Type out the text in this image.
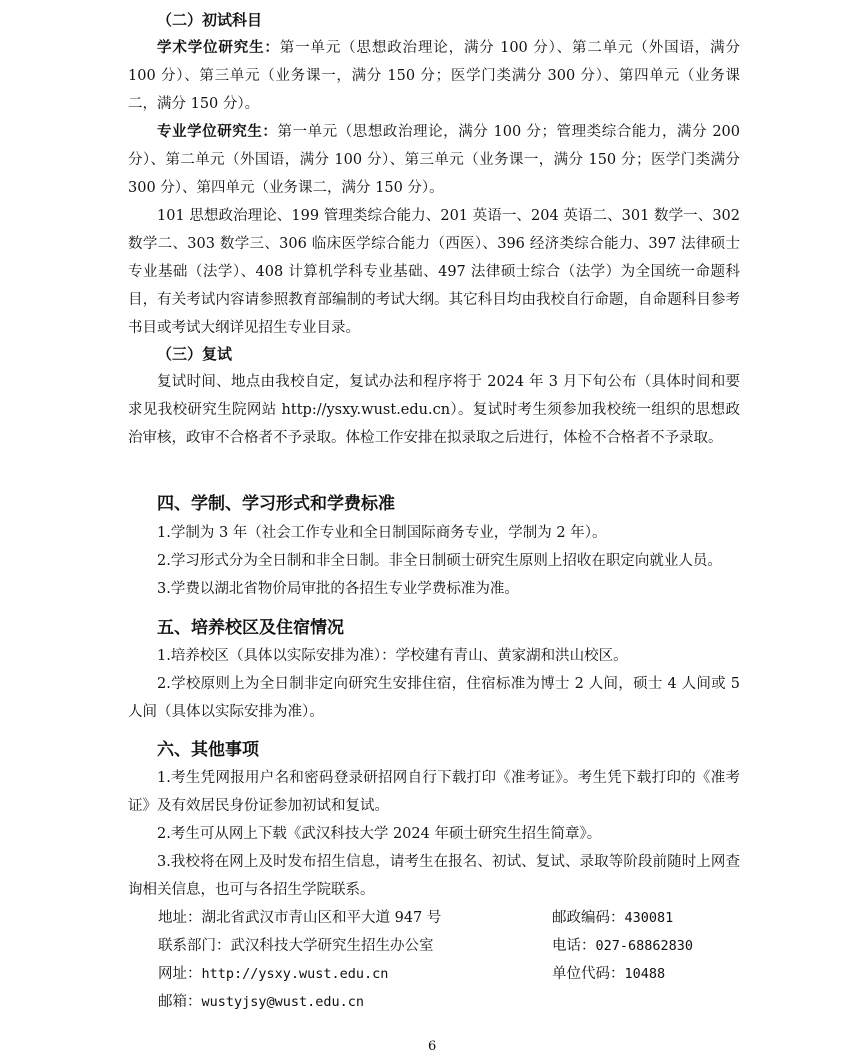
（二）初试科目

学术学位研究生：第一单元（思想政治理论，满分 100 分）、第二单元（外国语，满分 100 分）、第三单元（业务课一，满分 150 分；医学门类满分 300 分）、第四单元（业务课二，满分 150 分）。

专业学位研究生：第一单元（思想政治理论，满分 100 分；管理类综合能力，满分 200 分）、第二单元（外国语，满分 100 分）、第三单元（业务课一，满分 150 分；医学门类满分 300 分）、第四单元（业务课二，满分 150 分）。

101 思想政治理论、199 管理类综合能力、201 英语一、204 英语二、301 数学一、302 数学二、303 数学三、306 临床医学综合能力（西医）、396 经济类综合能力、397 法律硕士专业基础（法学）、408 计算机学科专业基础、497 法律硕士综合（法学）为全国统一命题科目，有关考试内容请参照教育部编制的考试大纲。其它科目均由我校自行命题，自命题科目参考书目或考试大纲详见招生专业目录。

（三）复试

复试时间、地点由我校自定，复试办法和程序将于 2024 年 3 月下旬公布（具体时间和要求见我校研究生院网站 http://ysxy.wust.edu.cn）。复试时考生须参加我校统一组织的思想政治审核，政审不合格者不予录取。体检工作安排在拟录取之后进行，体检不合格者不予录取。

四、学制、学习形式和学费标准

1.学制为 3 年（社会工作专业和全日制国际商务专业，学制为 2 年）。

2.学习形式分为全日制和非全日制。非全日制硕士研究生原则上招收在职定向就业人员。

3.学费以湖北省物价局审批的各招生专业学费标准为准。

五、培养校区及住宿情况

1.培养校区（具体以实际安排为准）：学校建有青山、黄家湖和洪山校区。

2.学校原则上为全日制非定向研究生安排住宿，住宿标准为博士 2 人间，硕士 4 人间或 5 人间（具体以实际安排为准）。

六、其他事项

1.考生凭网报用户名和密码登录研招网自行下载打印《准考证》。考生凭下载打印的《准考证》及有效居民身份证参加初试和复试。

2.考生可从网上下载《武汉科技大学 2024 年硕士研究生招生简章》。

3.我校将在网上及时发布招生信息，请考生在报名、初试、复试、录取等阶段前随时上网查询相关信息，也可与各招生学院联系。

地址：湖北省武汉市青山区和平大道 947 号	邮政编码：430081
联系部门：武汉科技大学研究生招生办公室	电话：027-68862830
网址：http://ysxy.wust.edu.cn	单位代码：10488
邮箱：wustyjsy@wust.edu.cn
6
